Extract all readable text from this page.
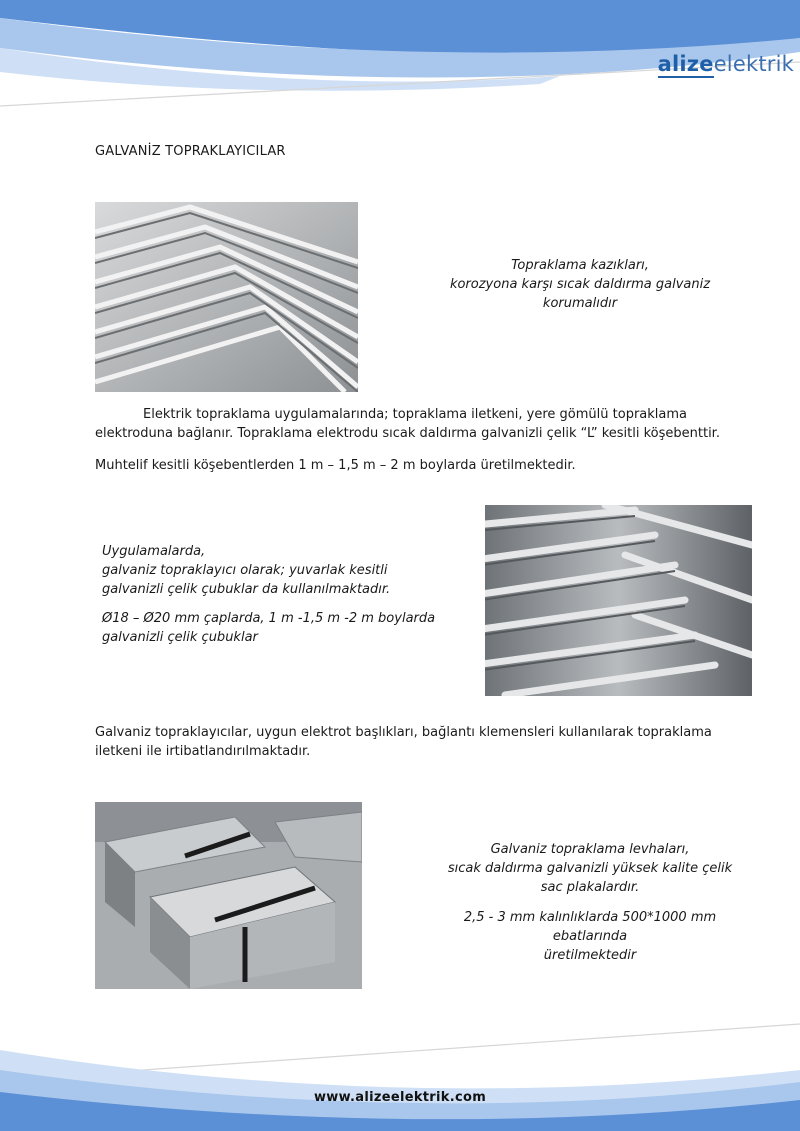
alizeelektrik
GALVANİZ TOPRAKLAYICILAR
Topraklama kazıkları,
korozyona karşı sıcak daldırma galvaniz
korumalıdır
Elektrik topraklama uygulamalarında; topraklama iletkeni, yere gömülü topraklama elektroduna bağlanır. Topraklama elektrodu sıcak daldırma galvanizli çelik “L” kesitli köşebenttir.
Muhtelif kesitli köşebentlerden 1 m – 1,5 m – 2 m boylarda üretilmektedir.
Uygulamalarda,
galvaniz topraklayıcı olarak; yuvarlak kesitli
galvanizli çelik çubuklar da kullanılmaktadır.
Ø18 – Ø20 mm çaplarda, 1 m -1,5 m -2 m boylarda
galvanizli çelik çubuklar
Galvaniz topraklayıcılar, uygun elektrot başlıkları, bağlantı klemensleri kullanılarak topraklama iletkeni ile irtibatlandırılmaktadır.
Galvaniz topraklama levhaları,
sıcak daldırma galvanizli yüksek kalite çelik
sac plakalardır.
2,5 - 3 mm kalınlıklarda 500*1000 mm ebatlarında
üretilmektedir
www.alizeelektrik.com
